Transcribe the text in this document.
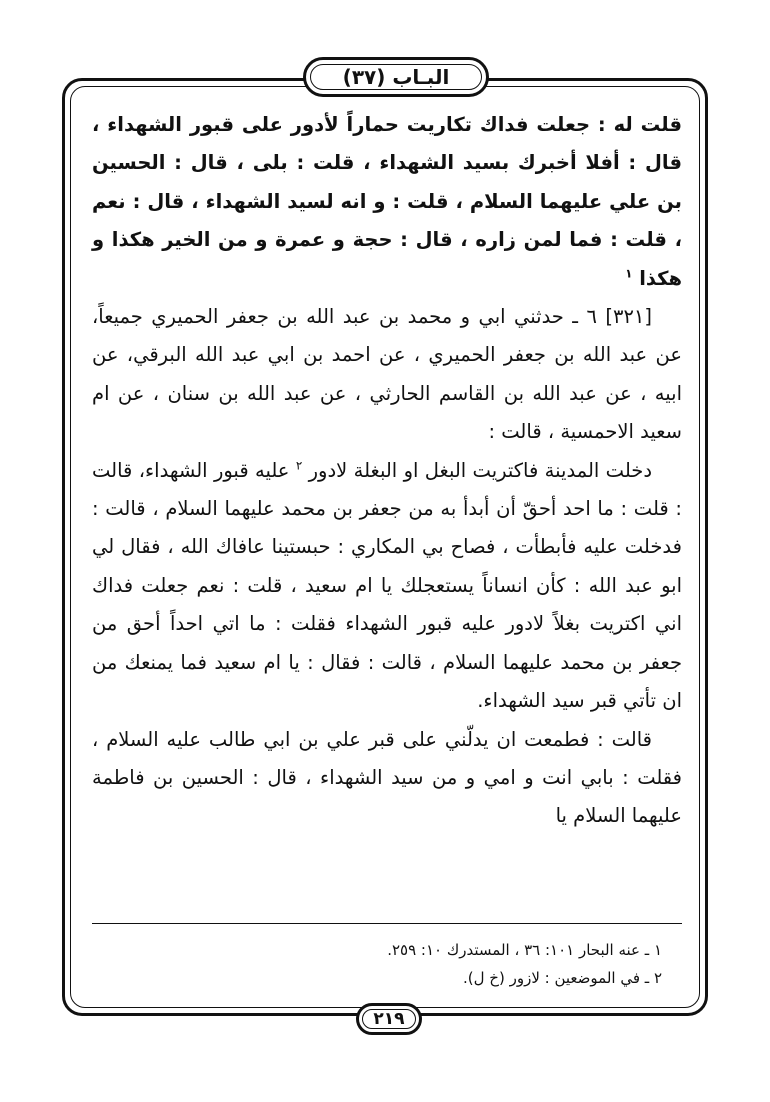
البـاب (٣٧)

قلت له : جعلت فداك تكاريت حماراً لأدور على قبور الشهداء ، قال : أفلا أخبرك بسيد الشهداء ، قلت : بلى ، قال : الحسين بن علي عليهما السلام ، قلت : و انه لسيد الشهداء ، قال : نعم ، قلت : فما لمن زاره ، قال : حجة و عمرة و من الخير هكذا و هكذا $^١$

[٣٢١] ٦ ـ حدثني ابي و محمد بن عبد الله بن جعفر الحميري جميعاً، عن عبد الله بن جعفر الحميري ، عن احمد بن ابي عبد الله البرقي، عن ابيه ، عن عبد الله بن القاسم الحارثي ، عن عبد الله بن سنان ، عن ام سعيد الاحمسية ، قالت :

دخلت المدينة فاكتريت البغل او البغلة لادور $^٢$ عليه قبور الشهداء، قالت : قلت : ما احد أحقّ أن أبدأ به من جعفر بن محمد عليهما السلام ، قالت : فدخلت عليه فأبطأت ، فصاح بي المكاري : حبستينا عافاك الله ، فقال لي ابو عبد الله : كأن انساناً يستعجلك يا ام سعيد ، قلت : نعم جعلت فداك اني اكتريت بغلاً لادور عليه قبور الشهداء فقلت : ما اتي احداً أحق من جعفر بن محمد عليهما السلام ، قالت : فقال : يا ام سعيد فما يمنعك من ان تأتي قبر سيد الشهداء.

قالت : فطمعت ان يدلّني على قبر علي بن ابي طالب عليه السلام ، فقلت : بابي انت و امي و من سيد الشهداء ، قال : الحسين بن فاطمة عليهما السلام يا

١ ـ عنه البحار ١٠١: ٣٦ ، المستدرك ١٠: ٢٥٩.

٢ ـ في الموضعين : لازور (خ ل).

٢١٩
